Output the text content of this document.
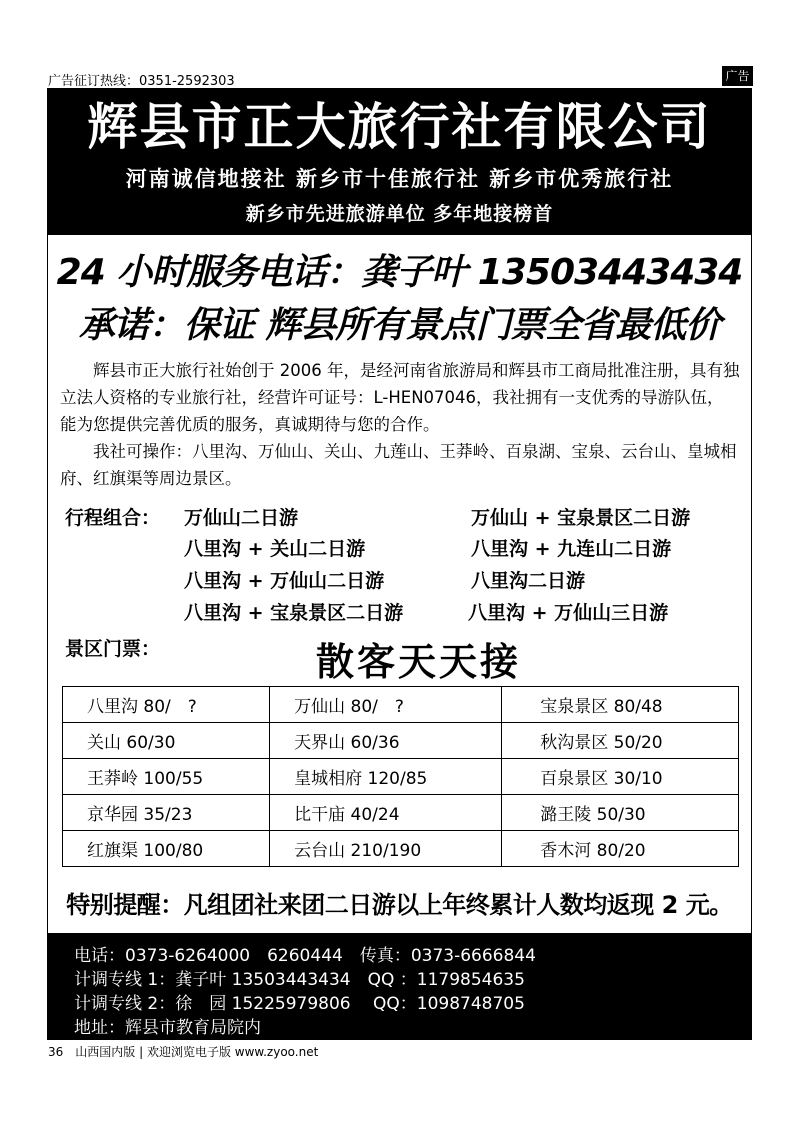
广告征订热线：0351-2592303	广告
辉县市正大旅行社有限公司
河南诚信地接社 新乡市十佳旅行社 新乡市优秀旅行社
新乡市先进旅游单位 多年地接榜首
24 小时服务电话：龚子叶 13503443434
承诺：保证 辉县所有景点门票全省最低价

辉县市正大旅行社始创于 2006 年，是经河南省旅游局和辉县市工商局批准注册，具有独立法人资格的专业旅行社，经营许可证号：L-HEN07046，我社拥有一支优秀的导游队伍，能为您提供完善优质的服务，真诚期待与您的合作。

我社可操作：八里沟、万仙山、关山、九莲山、王莽岭、百泉湖、宝泉、云台山、皇城相府、红旗渠等周边景区。

行程组合： 万仙山二日游	万仙山 + 宝泉景区二日游
八里沟 + 关山二日游	八里沟 + 九连山二日游
八里沟 + 万仙山二日游	八里沟二日游
八里沟 + 宝泉景区二日游	八里沟 + 万仙山三日游
景区门票：	散客天天接
八里沟 80/　?	万仙山 80/　?	宝泉景区 80/48
关山 60/30	天界山 60/36	秋沟景区 50/20
王莽岭 100/55	皇城相府 120/85	百泉景区 30/10
京华园 35/23	比干庙 40/24	潞王陵 50/30
红旗渠 100/80	云台山 210/190	香木河 80/20
特别提醒：凡组团社来团二日游以上年终累计人数均返现 2 元。
电话：0373-6264000　6260444　传真：0373-6666844
计调专线 1：龚子叶 13503443434　QQ ：1179854635
计调专线 2：徐　园 15225979806　 QQ：1098748705
地址：辉县市教育局院内
36　山西国内版 | 欢迎浏览电子版 www.zyoo.net
